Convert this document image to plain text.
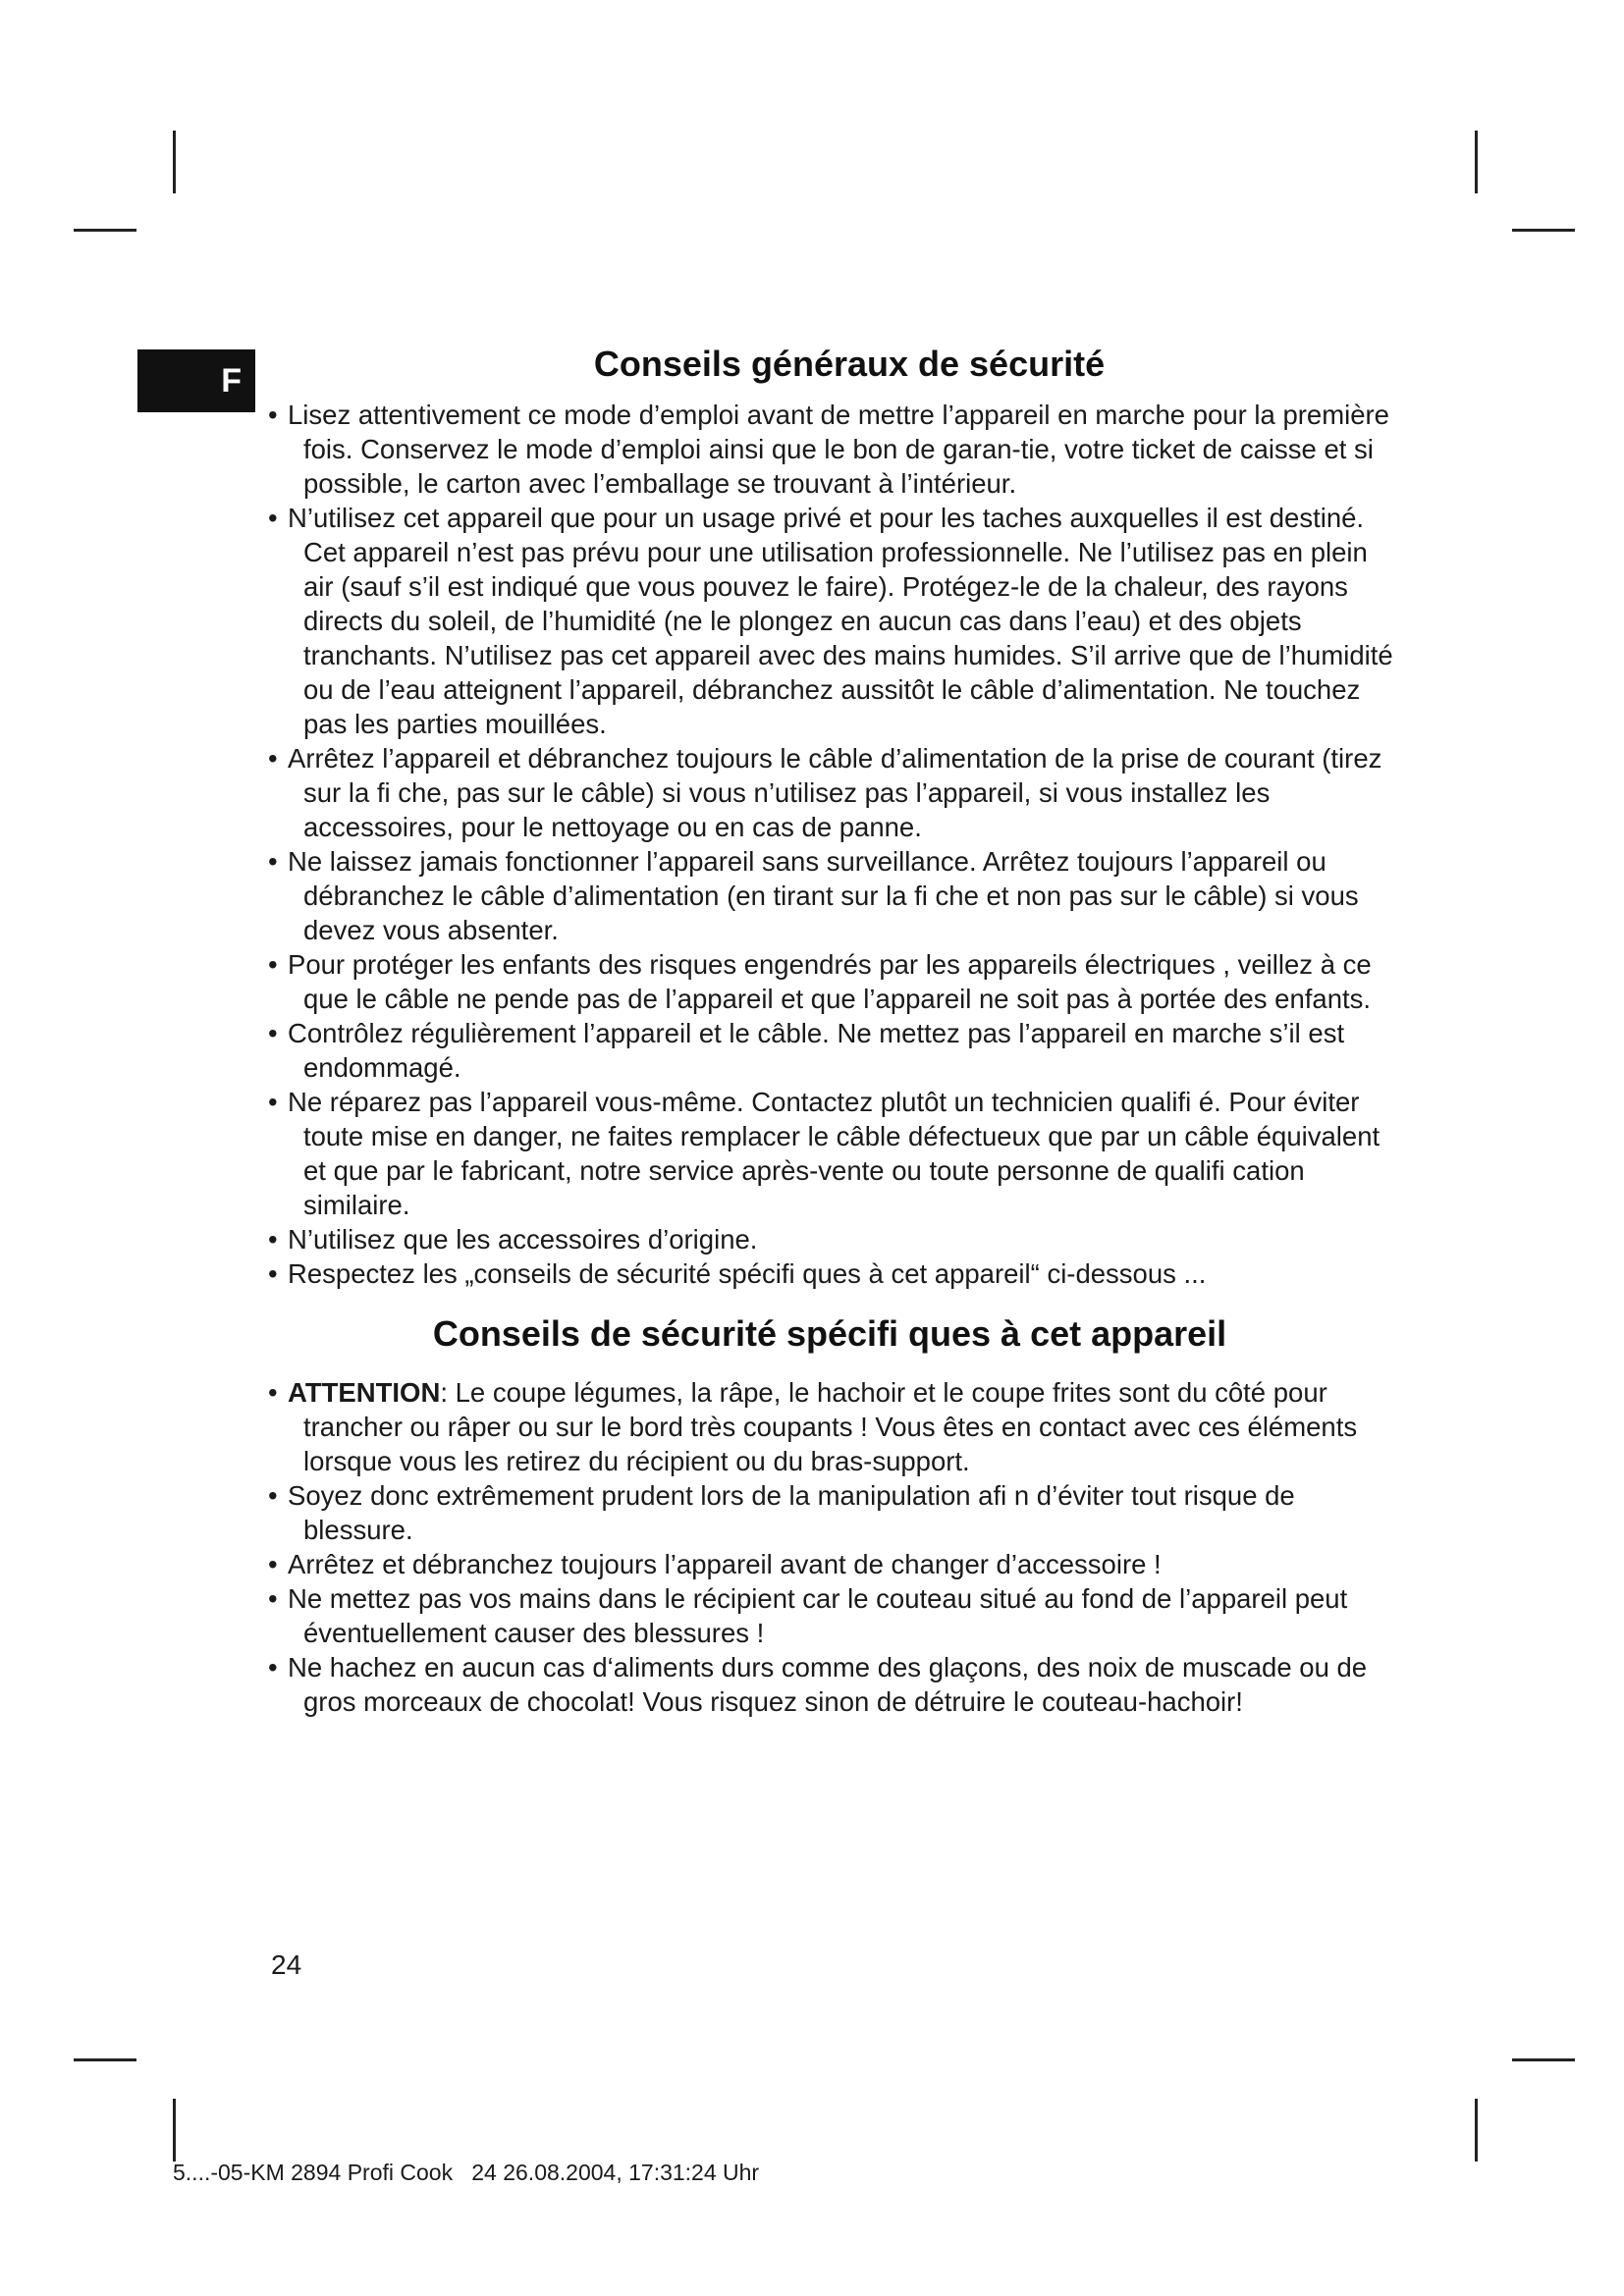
F	Conseils généraux de sécurité
• Lisez attentivement ce mode d’emploi avant de mettre l’appareil en marche pour la première fois. Conservez le mode d’emploi ainsi que le bon de garan-tie, votre ticket de caisse et si possible, le carton avec l’emballage se trouvant à l’intérieur.
• N’utilisez cet appareil que pour un usage privé et pour les taches auxquelles il est destiné. Cet appareil n’est pas prévu pour une utilisation professionnelle. Ne l’utilisez pas en plein air (sauf s’il est indiqué que vous pouvez le faire). Protégez-le de la chaleur, des rayons directs du soleil, de l’humidité (ne le plongez en aucun cas dans l’eau) et des objets tranchants. N’utilisez pas cet appareil avec des mains humides. S’il arrive que de l’humidité ou de l’eau atteignent l’appareil, débranchez aussitôt le câble d’alimentation. Ne touchez pas les parties mouillées.
• Arrêtez l’appareil et débranchez toujours le câble d’alimentation de la prise de courant (tirez sur la fi che, pas sur le câble) si vous n’utilisez pas l’appareil, si vous installez les accessoires, pour le nettoyage ou en cas de panne.
• Ne laissez jamais fonctionner l’appareil sans surveillance. Arrêtez toujours l’appareil ou débranchez le câble d’alimentation (en tirant sur la fi che et non pas sur le câble) si vous devez vous absenter.
• Pour protéger les enfants des risques engendrés par les appareils électriques , veillez à ce que le câble ne pende pas de l’appareil et que l’appareil ne soit pas à portée des enfants.
• Contrôlez régulièrement l’appareil et le câble. Ne mettez pas l’appareil en marche s’il est endommagé.
• Ne réparez pas l’appareil vous-même. Contactez plutôt un technicien qualifi é. Pour éviter toute mise en danger, ne faites remplacer le câble défectueux que par un câble équivalent et que par le fabricant, notre service après-vente ou toute personne de qualifi cation similaire.
• N’utilisez que les accessoires d’origine.
• Respectez les „conseils de sécurité spécifi ques à cet appareil“ ci-dessous ...
Conseils de sécurité spécifi ques à cet appareil
• ATTENTION: Le coupe légumes, la râpe, le hachoir et le coupe frites sont du côté pour trancher ou râper ou sur le bord très coupants ! Vous êtes en contact avec ces éléments lorsque vous les retirez du récipient ou du bras-support.
• Soyez donc extrêmement prudent lors de la manipulation afi n d’éviter tout risque de blessure.
• Arrêtez et débranchez toujours l’appareil avant de changer d’accessoire !
• Ne mettez pas vos mains dans le récipient car le couteau situé au fond de l’appareil peut éventuellement causer des blessures !
• Ne hachez en aucun cas d‘aliments durs comme des glaçons, des noix de muscade ou de gros morceaux de chocolat! Vous risquez sinon de détruire le couteau-hachoir!
24
5....-05-KM 2894 Profi Cook   24 26.08.2004, 17:31:24 Uhr
